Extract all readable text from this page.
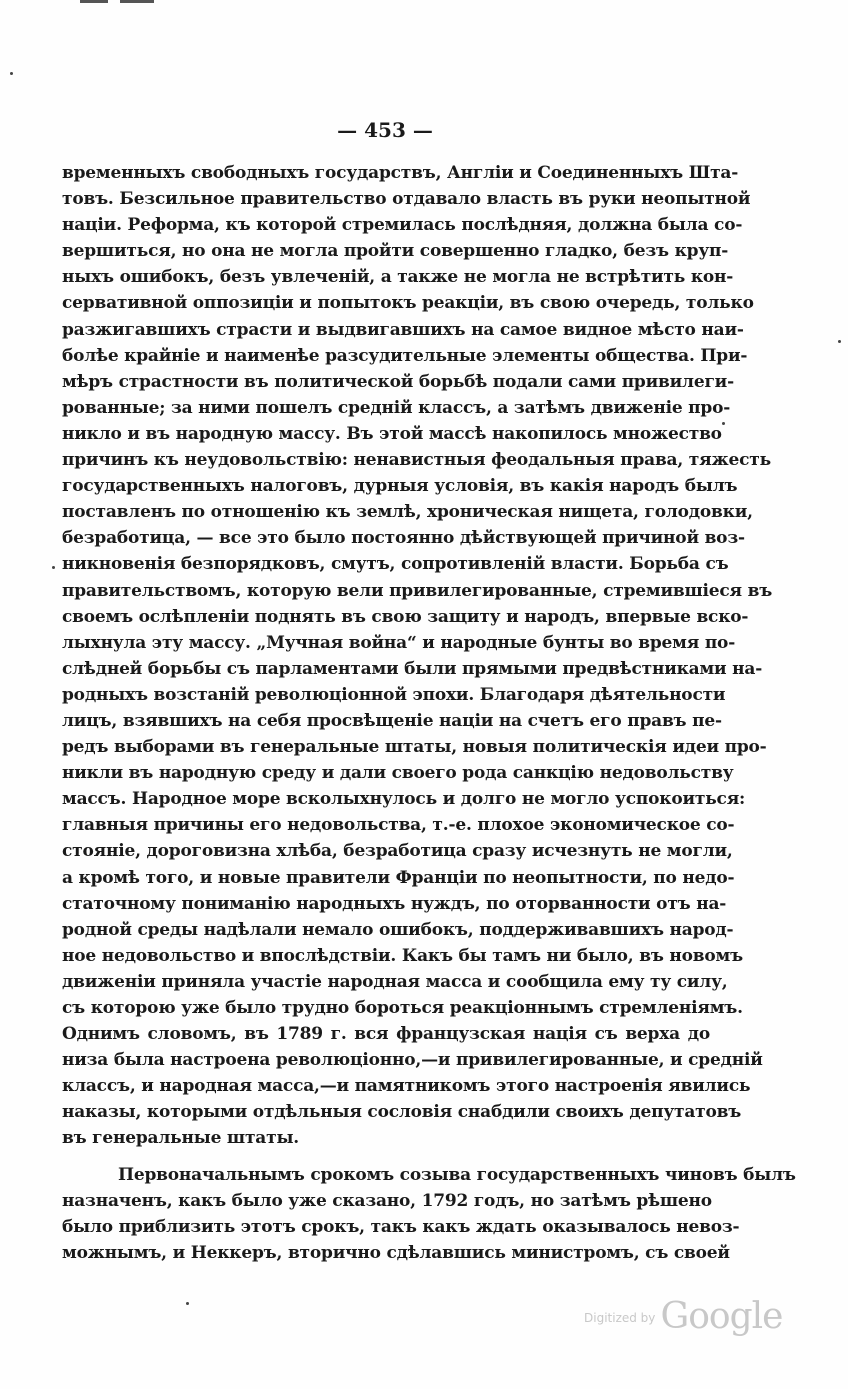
— 453 —
временныхъ свободныхъ государствъ, Англiи и Соединенныхъ Шта-
товъ. Безсильное правительство отдавало власть въ руки неопытной
нацiи. Реформа, къ которой стремилась послѣдняя, должна была со-
вершиться, но она не могла пройти совершенно гладко, безъ круп-
ныхъ ошибокъ, безъ увлеченiй, а также не могла не встрѣтить кон-
сервативной оппозицiи и попытокъ реакцiи, въ свою очередь, только
разжигавшихъ страсти и выдвигавшихъ на самое видное мѣсто наи-
болѣе крайнiе и наименѣе разсудительные элементы общества. При-
мѣръ страстности въ политической борьбѣ подали сами привилеги-
рованные; за ними пошелъ среднiй классъ, а затѣмъ движенiе про-
никло и въ народную массу. Въ этой массѣ накопилось множество
причинъ къ неудовольствiю: ненавистныя феодальныя права, тяжесть
государственныхъ налоговъ, дурныя условiя, въ какiя народъ былъ
поставленъ по отношенiю къ землѣ, хроническая нищета, голодовки,
безработица, — все это было постоянно дѣйствующей причиной воз-
никновенiя безпорядковъ, смутъ, сопротивленiй власти. Борьба съ
правительствомъ, которую вели привилегированные, стремившiеся въ
своемъ ослѣпленiи поднять въ свою защиту и народъ, впервые вско-
лыхнула эту массу. „Мучная война“ и народные бунты во время по-
слѣдней борьбы съ парламентами были прямыми предвѣстниками на-
родныхъ возстанiй революцiонной эпохи. Благодаря дѣятельности
лицъ, взявшихъ на себя просвѣщенiе нацiи на счетъ его правъ пе-
редъ выборами въ генеральные штаты, новыя политическiя идеи про-
никли въ народную среду и дали своего рода санкцiю недовольству
массъ. Народное море всколыхнулось и долго не могло успокоиться:
главныя причины его недовольства, т.-е. плохое экономическое со-
стоянiе, дороговизна хлѣба, безработица сразу исчезнуть не могли,
а кромѣ того, и новые правители Францiи по неопытности, по недо-
статочному пониманiю народныхъ нуждъ, по оторванности отъ на-
родной среды надѣлали немало ошибокъ, поддерживавшихъ народ-
ное недовольство и впослѣдствiи. Какъ бы тамъ ни было, въ новомъ
движенiи приняла участiе народная масса и сообщила ему ту силу,
съ которою уже было трудно бороться реакцiоннымъ стремленiямъ.
Однимъ словомъ, въ 1789 г. вся французская нацiя съ верха до
низа была настроена революцiонно,—и привилегированные, и среднiй
классъ, и народная масса,—и памятникомъ этого настроенiя явились
наказы, которыми отдѣльныя сословiя снабдили своихъ депутатовъ
въ генеральные штаты.
Первоначальнымъ срокомъ созыва государственныхъ чиновъ былъ
назначенъ, какъ было уже сказано, 1792 годъ, но затѣмъ рѣшено
было приблизить этотъ срокъ, такъ какъ ждать оказывалось невоз-
можнымъ, и Неккеръ, вторично сдѣлавшись министромъ, съ своей
$^{Digitized by}$ Google
